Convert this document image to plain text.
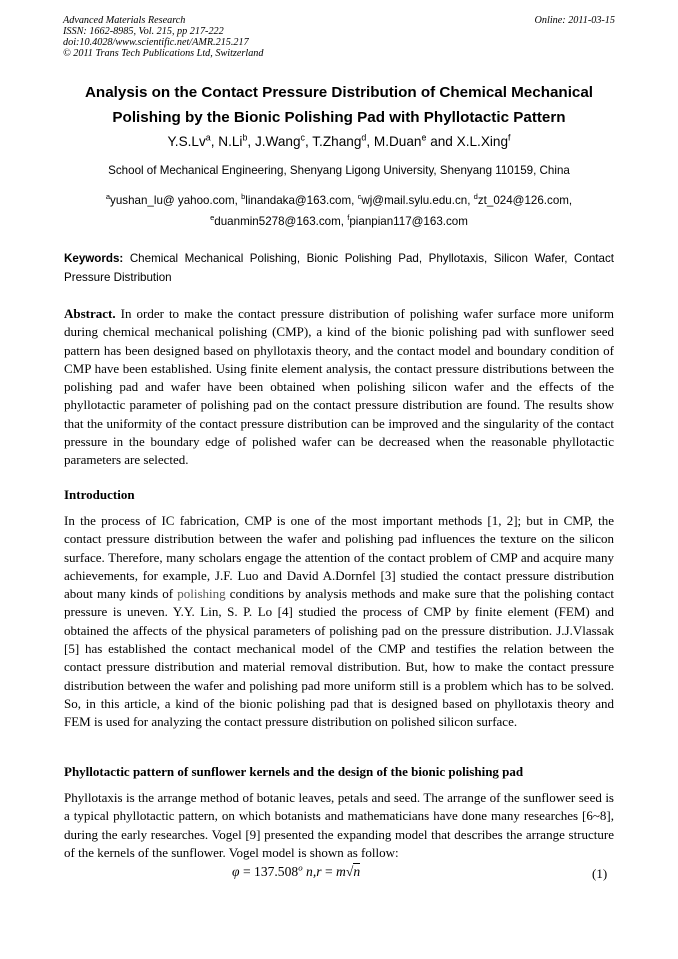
Advanced Materials Research
ISSN: 1662-8985, Vol. 215, pp 217-222
doi:10.4028/www.scientific.net/AMR.215.217
© 2011 Trans Tech Publications Ltd, Switzerland
Online: 2011-03-15
Analysis on the Contact Pressure Distribution of Chemical Mechanical
Polishing by the Bionic Polishing Pad with Phyllotactic Pattern
Y.S.Lv$^a$, N.Li$^b$, J.Wang$^c$, T.Zhang$^d$, M.Duan$^e$ and X.L.Xing$^f$
School of Mechanical Engineering, Shenyang Ligong University, Shenyang 110159, China
$^a$yushan_lu@ yahoo.com, $^b$linandaka@163.com, $^c$wj@mail.sylu.edu.cn, $^d$zt_024@126.com,
$^e$duanmin5278@163.com, $^f$pianpian117@163.com
Keywords: Chemical Mechanical Polishing, Bionic Polishing Pad, Phyllotaxis, Silicon Wafer, Contact Pressure Distribution
Abstract. In order to make the contact pressure distribution of polishing wafer surface more uniform during chemical mechanical polishing (CMP), a kind of the bionic polishing pad with sunflower seed pattern has been designed based on phyllotaxis theory, and the contact model and boundary condition of CMP have been established. Using finite element analysis, the contact pressure distributions between the polishing pad and wafer have been obtained when polishing silicon wafer and the effects of the phyllotactic parameter of polishing pad on the contact pressure distribution are found. The results show that the uniformity of the contact pressure distribution can be improved and the singularity of the contact pressure in the boundary edge of polished wafer can be decreased when the reasonable phyllotactic parameters are selected.
Introduction
In the process of IC fabrication, CMP is one of the most important methods [1, 2]; but in CMP, the contact pressure distribution between the wafer and polishing pad influences the texture on the silicon surface. Therefore, many scholars engage the attention of the contact problem of CMP and acquire many achievements, for example, J.F. Luo and David A.Dornfel [3] studied the contact pressure distribution about many kinds of polishing conditions by analysis methods and make sure that the polishing contact pressure is uneven. Y.Y. Lin, S. P. Lo [4] studied the process of CMP by finite element (FEM) and obtained the affects of the physical parameters of polishing pad on the pressure distribution. J.J.Vlassak [5] has established the contact mechanical model of the CMP and testifies the relation between the contact pressure distribution and material removal distribution. But, how to make the contact pressure distribution between the wafer and polishing pad more uniform still is a problem which has to be solved. So, in this article, a kind of the bionic polishing pad that is designed based on phyllotaxis theory and FEM is used for analyzing the contact pressure distribution on polished silicon surface.
Phyllotactic pattern of sunflower kernels and the design of the bionic polishing pad
Phyllotaxis is the arrange method of botanic leaves, petals and seed. The arrange of the sunflower seed is a typical phyllotactic pattern, on which botanists and mathematicians have done many researches [6~8], during the early researches. Vogel [9] presented the expanding model that describes the arrange structure of the kernels of the sunflower. Vogel model is shown as follow:
$\varphi = 137.508^o$ n,r = m√n	(1)
